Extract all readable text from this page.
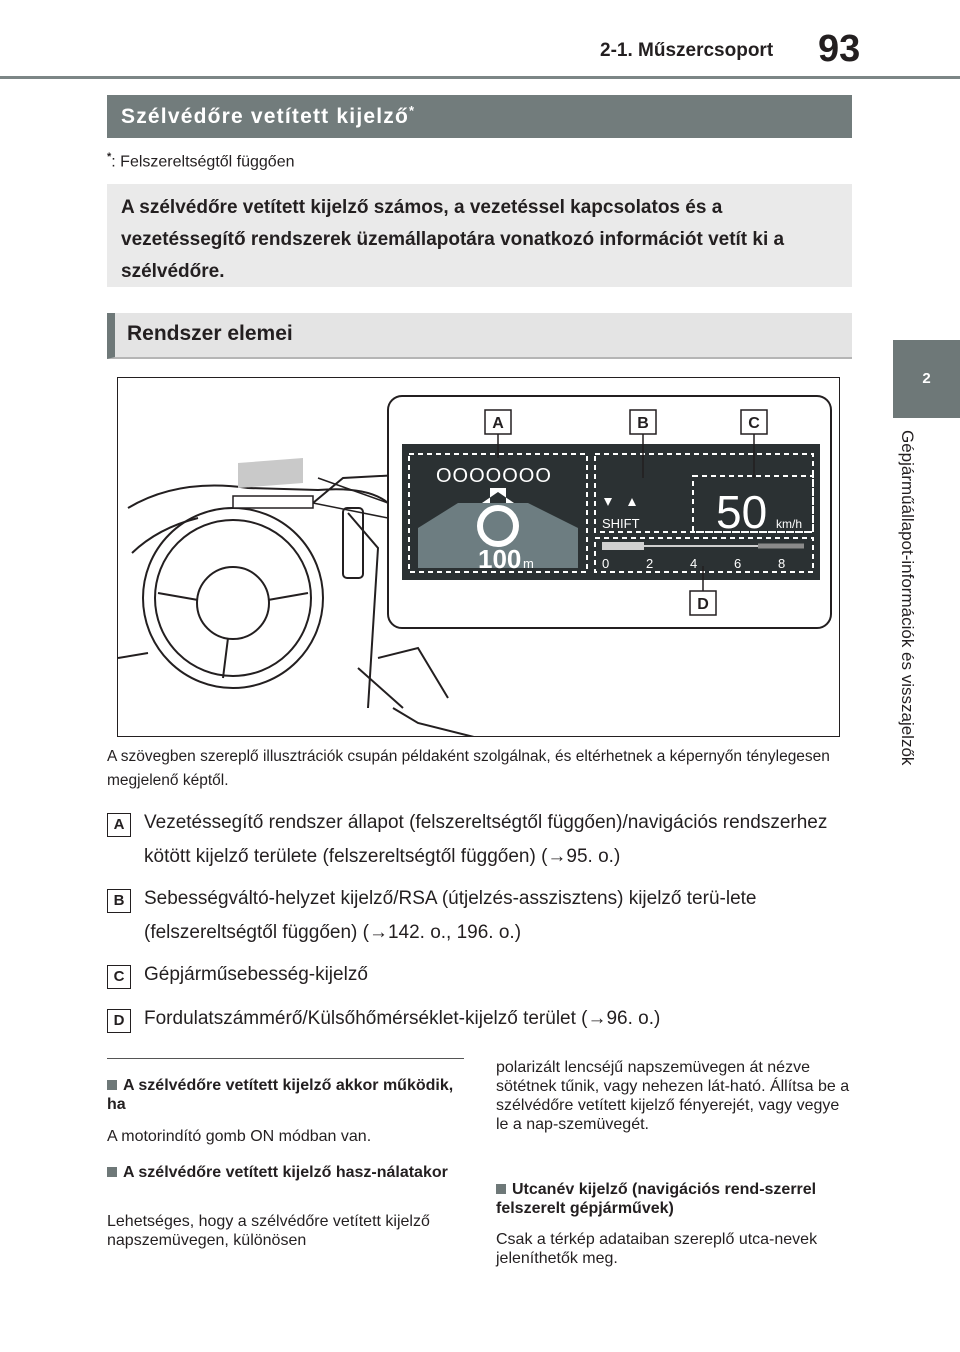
2-1. Műszercsoport 93
2
Gépjárműállapot-információk és visszajelzők
Szélvédőre vetített kijelző*
*: Felszereltségtől függően
A szélvédőre vetített kijelző számos, a vezetéssel kapcsolatos és a vezetéssegítő rendszerek üzemállapotára vonatkozó információt vetít ki a szélvédőre.
Rendszer elemei
OOOOOOO
100 m
SHIFT 50 km/h
0	2	4	6	8
A	B	C
D
A szövegben szereplő illusztrációk csupán példaként szolgálnak, és eltérhetnek a képernyőn ténylegesen megjelenő képtől.
A	Vezetéssegítő rendszer állapot (felszereltségtől függően)/navigációs rendszerhez kötött kijelző területe (felszereltségtől függően) (→95. o.)
B	Sebességváltó-helyzet kijelző/RSA (útjelzés-asszisztens) kijelző terü-lete (felszereltségtől függően) (→142. o., 196. o.)
C	Gépjárműsebesség-kijelző
D	Fordulatszámmérő/Külsőhőmérséklet-kijelző terület (→96. o.)
A szélvédőre vetített kijelző akkor működik, ha
A motorindító gomb ON módban van.
A szélvédőre vetített kijelző hasz-nálatakor
Lehetséges, hogy a szélvédőre vetített kijelző napszemüvegen, különösen
polarizált lencséjű napszemüvegen át nézve sötétnek tűnik, vagy nehezen lát-ható. Állítsa be a szélvédőre vetített kijelző fényerejét, vagy vegye le a nap-szemüvegét.
Utcanév kijelző (navigációs rend-szerrel felszerelt gépjárművek)
Csak a térkép adataiban szereplő utca-nevek jeleníthetők meg.
